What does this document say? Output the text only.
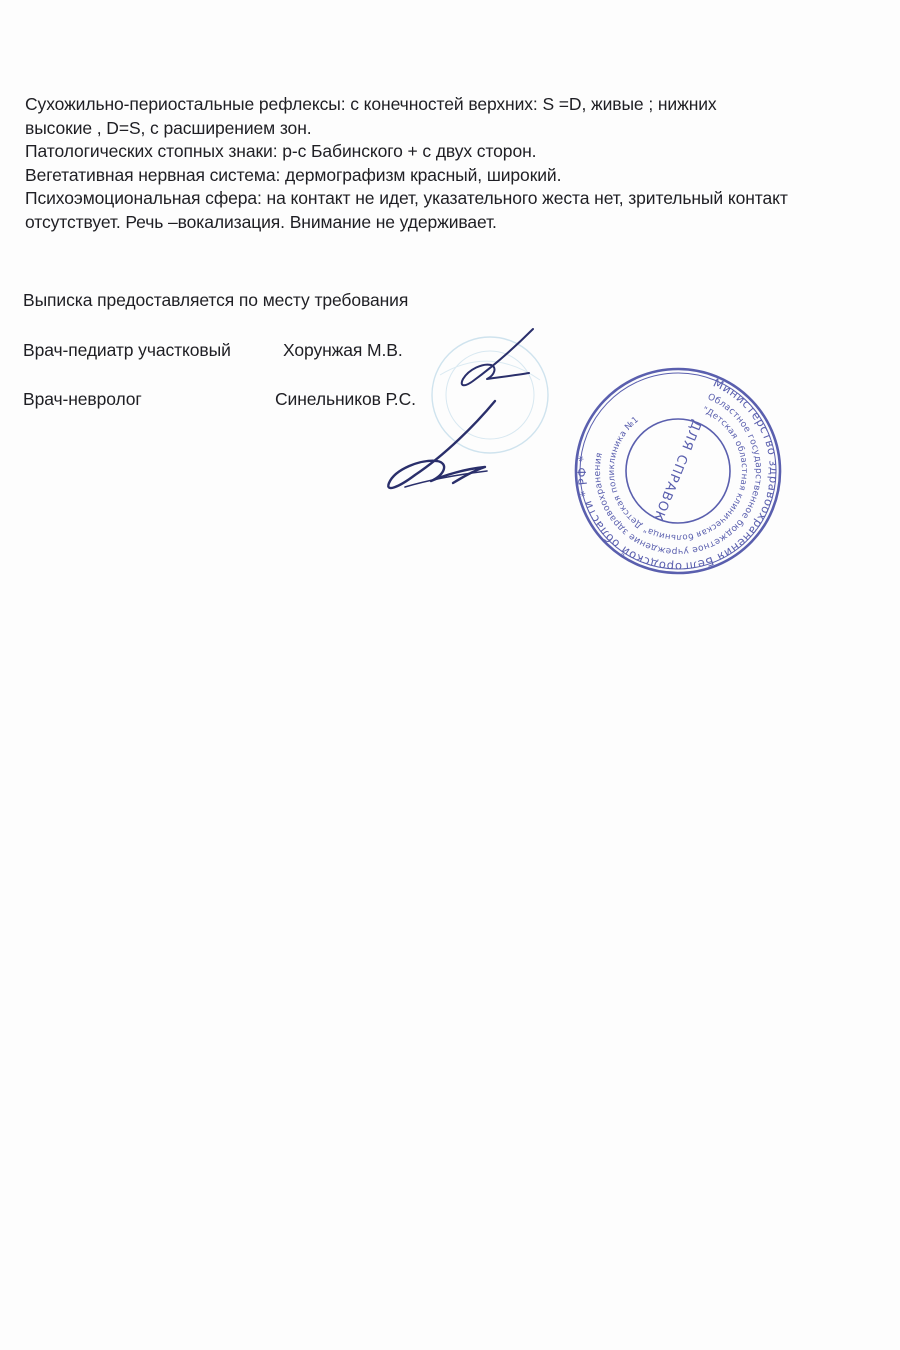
Сухожильно-периостальные рефлексы: с конечностей верхних: S =D, живые ; нижних
высокие , D=S, с расширением зон.
Патологических стопных знаки: р-с Бабинского + с двух сторон.
Вегетативная нервная система: дермографизм красный, широкий.
Психоэмоциональная сфера: на контакт не идет, указательного жеста нет, зрительный контакт
отсутствует. Речь –вокализация. Внимание не удерживает.
Выписка предоставляется по месту требования
Врач-педиатр участковый	Хорунжая М.В.
Врач-невролог	Синельников Р.С.
Министерство здравоохранения Белгородской области * РФ *
Областное государственное бюджетное учреждение здравоохранения
"Детская областная клиническая больница" Детская поликлиника №1 ДЛЯ СПРАВОК
